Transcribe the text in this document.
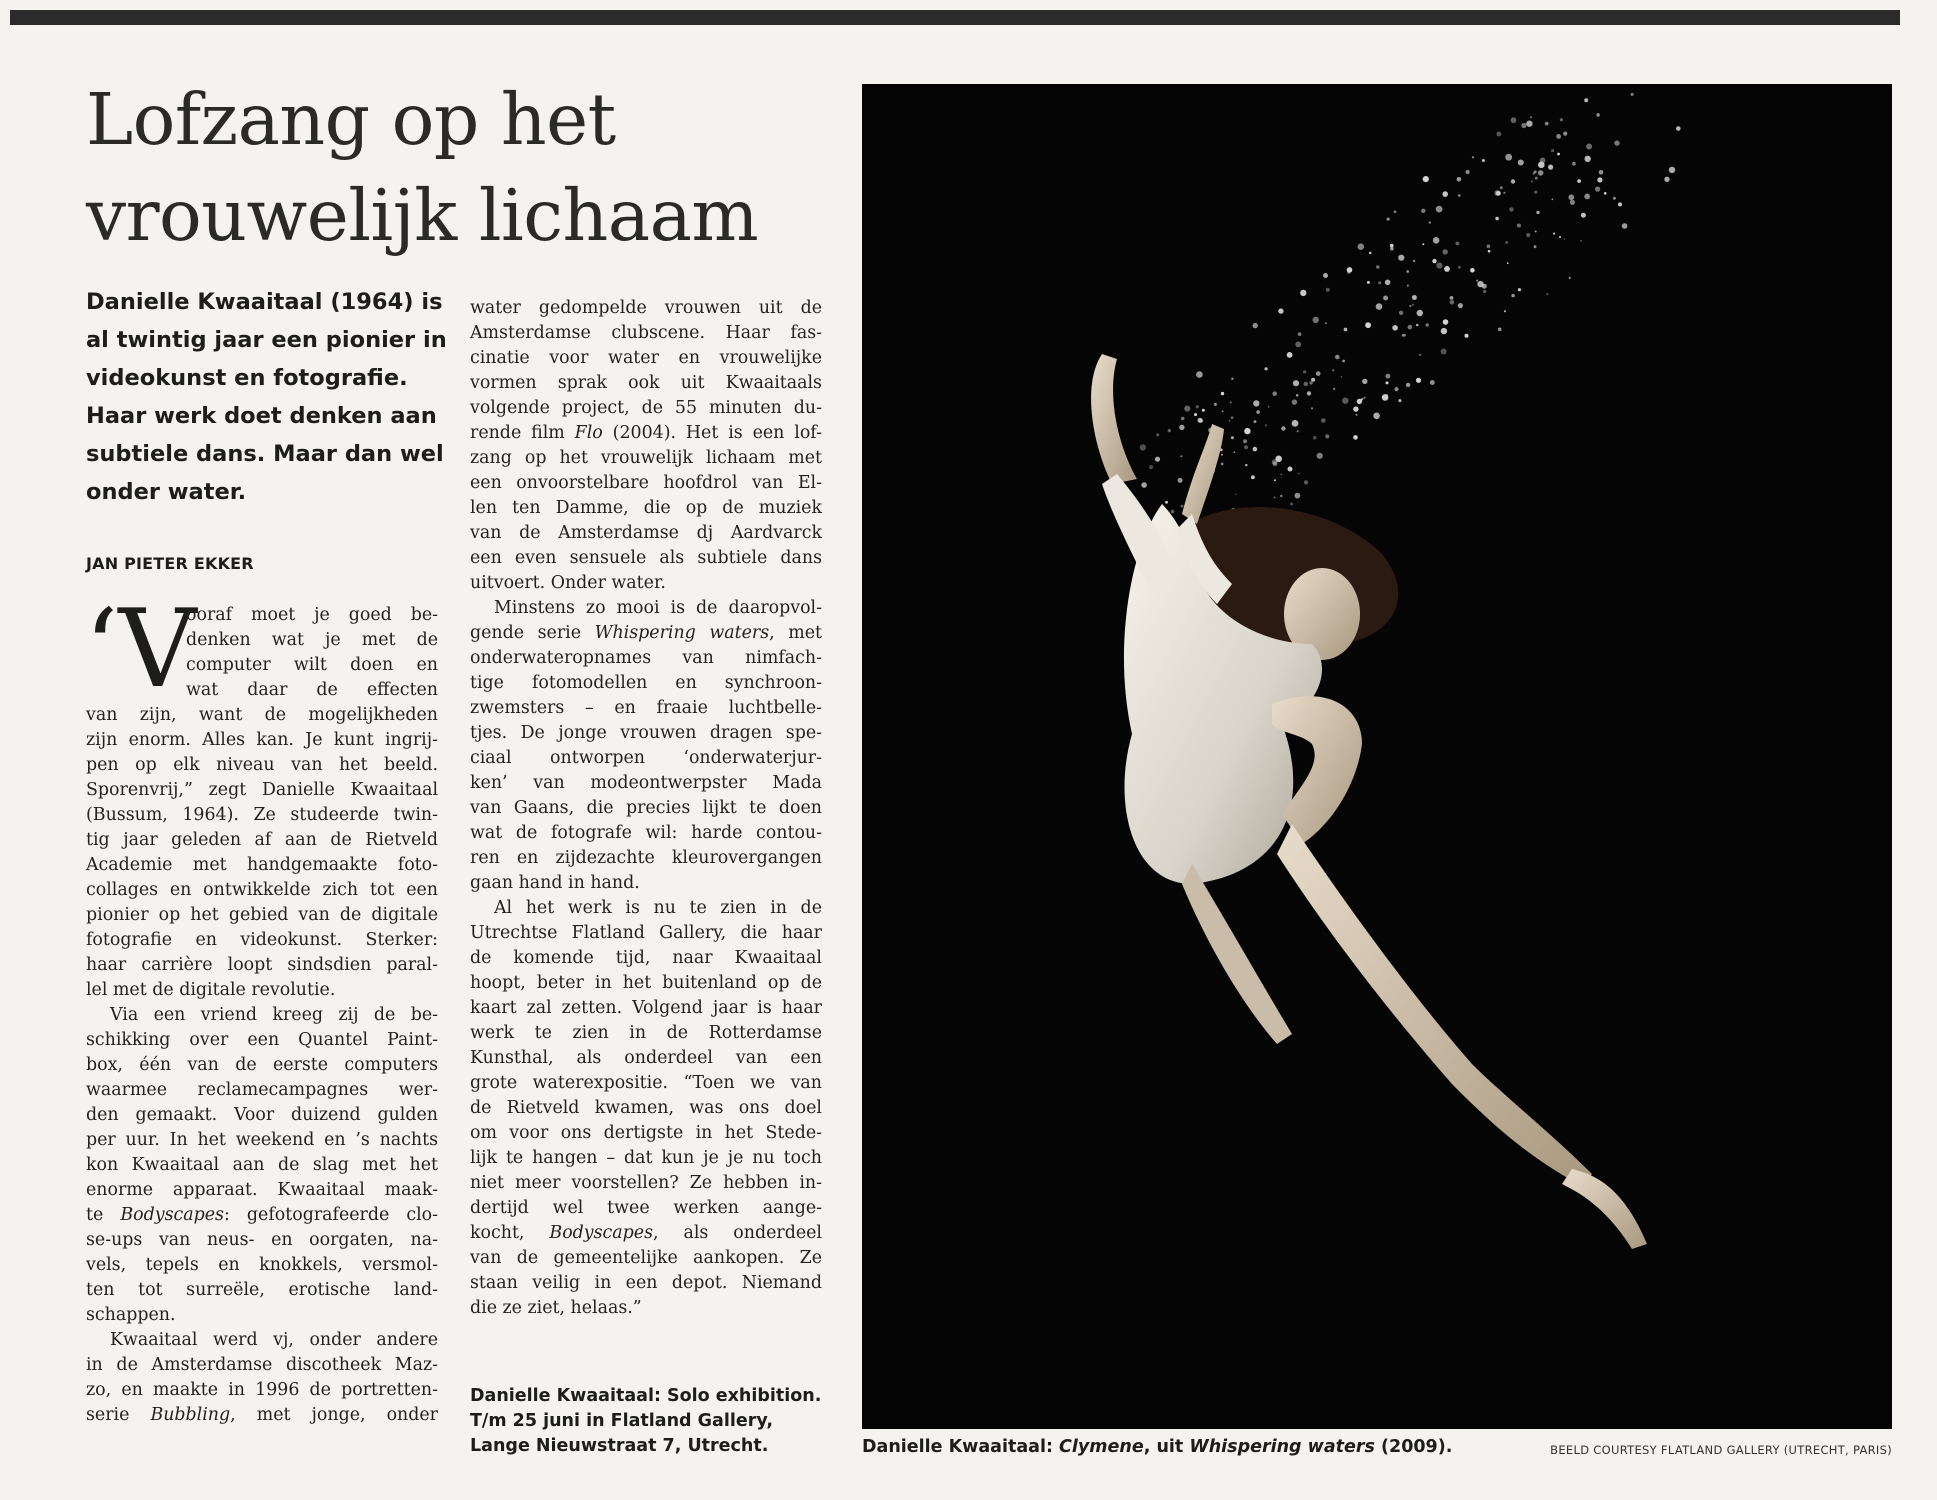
Lofzang op het
vrouwelijk lichaam
Danielle Kwaaitaal (1964) is
al twintig jaar een pionier in
videokunst en fotografie.
Haar werk doet denken aan
subtiele dans. Maar dan wel
onder water.
JAN PIETER EKKER
‘V
ooraf moet je goed be-
denken wat je met de
computer wilt doen en
wat daar de effecten
van zijn, want de mogelijkheden
zijn enorm. Alles kan. Je kunt ingrij-
pen op elk niveau van het beeld.
Sporenvrij,” zegt Danielle Kwaaitaal
(Bussum, 1964). Ze studeerde twin-
tig jaar geleden af aan de Rietveld
Academie met handgemaakte foto-
collages en ontwikkelde zich tot een
pionier op het gebied van de digitale
fotografie en videokunst. Sterker:
haar carrière loopt sindsdien paral-
lel met de digitale revolutie.
Via een vriend kreeg zij de be-
schikking over een Quantel Paint-
box, één van de eerste computers
waarmee reclamecampagnes wer-
den gemaakt. Voor duizend gulden
per uur. In het weekend en ’s nachts
kon Kwaaitaal aan de slag met het
enorme apparaat. Kwaaitaal maak-
te Bodyscapes: gefotografeerde clo-
se-ups van neus- en oorgaten, na-
vels, tepels en knokkels, versmol-
ten tot surreële, erotische land-
schappen.
Kwaaitaal werd vj, onder andere
in de Amsterdamse discotheek Maz-
zo, en maakte in 1996 de portretten-
serie Bubbling, met jonge, onder
water gedompelde vrouwen uit de
Amsterdamse clubscene. Haar fas-
cinatie voor water en vrouwelijke
vormen sprak ook uit Kwaaitaals
volgende project, de 55 minuten du-
rende film Flo (2004). Het is een lof-
zang op het vrouwelijk lichaam met
een onvoorstelbare hoofdrol van El-
len ten Damme, die op de muziek
van de Amsterdamse dj Aardvarck
een even sensuele als subtiele dans
uitvoert. Onder water.
Minstens zo mooi is de daaropvol-
gende serie Whispering waters, met
onderwateropnames van nimfach-
tige fotomodellen en synchroon-
zwemsters – en fraaie luchtbelle-
tjes. De jonge vrouwen dragen spe-
ciaal ontworpen ‘onderwaterjur-
ken’ van modeontwerpster Mada
van Gaans, die precies lijkt te doen
wat de fotografe wil: harde contou-
ren en zijdezachte kleurovergangen
gaan hand in hand.
Al het werk is nu te zien in de
Utrechtse Flatland Gallery, die haar
de komende tijd, naar Kwaaitaal
hoopt, beter in het buitenland op de
kaart zal zetten. Volgend jaar is haar
werk te zien in de Rotterdamse
Kunsthal, als onderdeel van een
grote waterexpositie. “Toen we van
de Rietveld kwamen, was ons doel
om voor ons dertigste in het Stede-
lijk te hangen – dat kun je je nu toch
niet meer voorstellen? Ze hebben in-
dertijd wel twee werken aange-
kocht, Bodyscapes, als onderdeel
van de gemeentelijke aankopen. Ze
staan veilig in een depot. Niemand
die ze ziet, helaas.”
Danielle Kwaaitaal: Solo exhibition.
T/m 25 juni in Flatland Gallery,
Lange Nieuwstraat 7, Utrecht.	Danielle Kwaaitaal: Clymene, uit Whispering waters (2009).	BEELD COURTESY FLATLAND GALLERY (UTRECHT, PARIS)
